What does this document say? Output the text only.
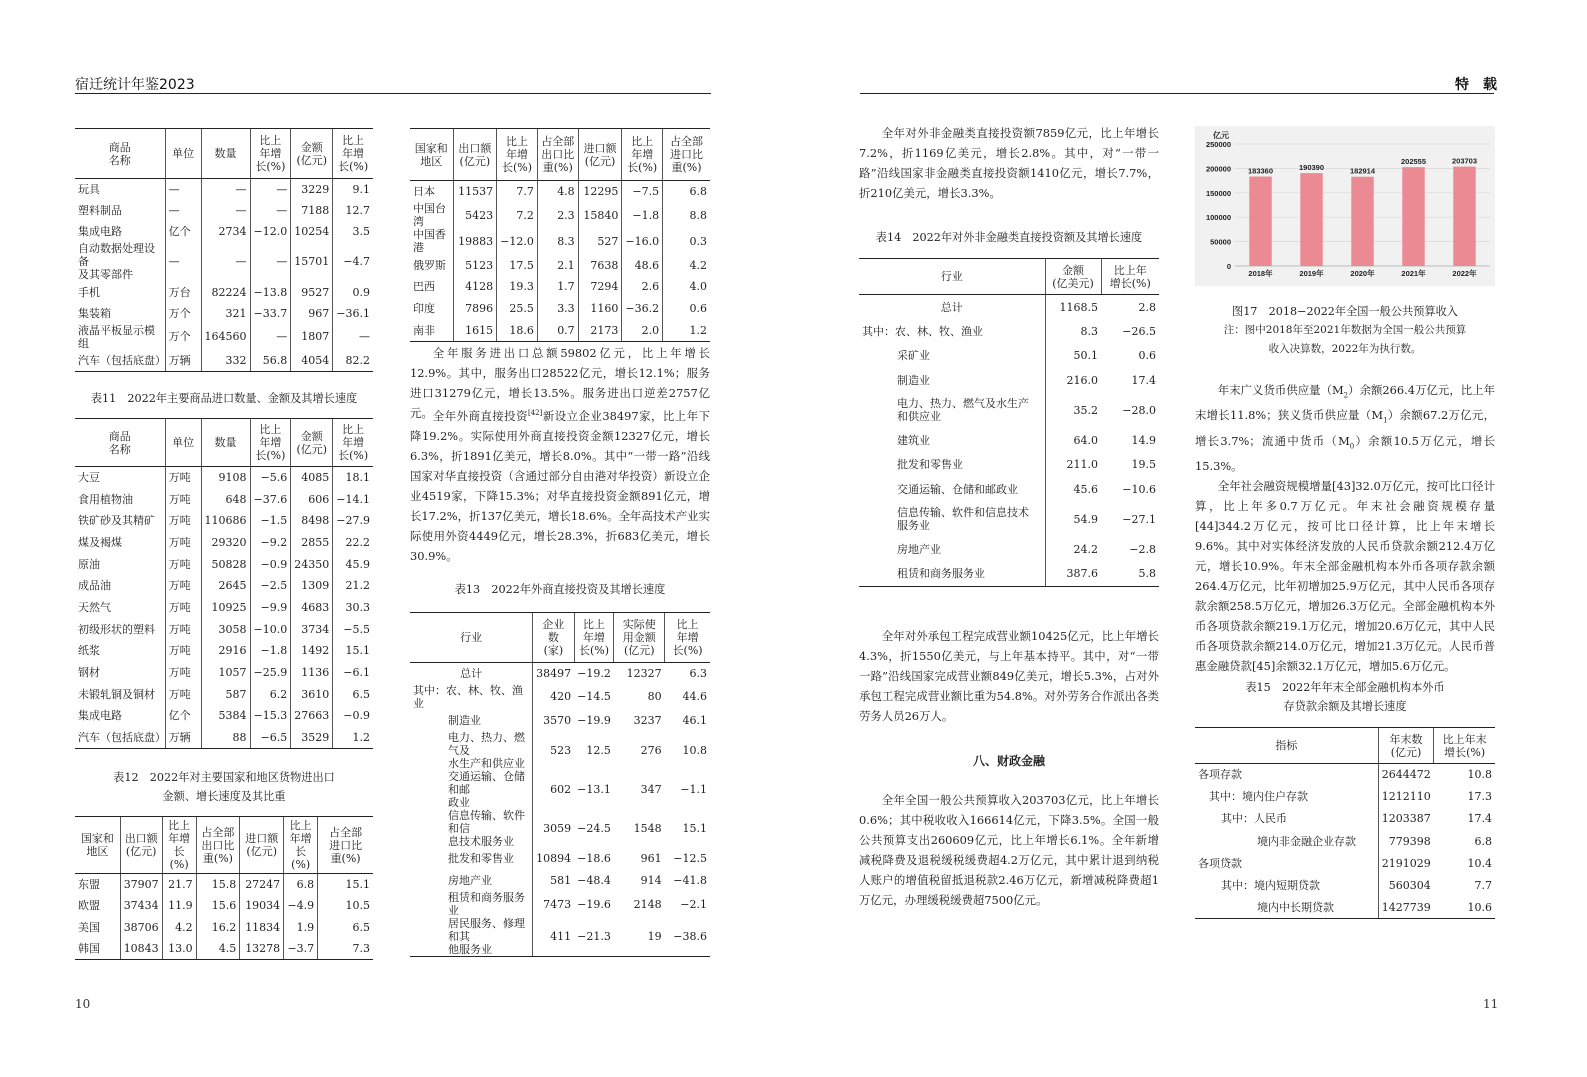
宿迁统计年鉴2023
商品
名称	单位	数量	比上
年增
长(%)	金额
(亿元)	比上
年增
长(%)
玩具	—	—	—	3229	9.1
塑料制品	—	—	—	7188	12.7
集成电路	亿个	2734	−12.0	10254	3.5
自动数据处理设备
及其零部件	—	—	—	15701	−4.7
手机	万台	82224	−13.8	9527	0.9
集装箱	万个	321	−33.7	967	−36.1
液晶平板显示模组	万个	164560	—	1807	—
汽车（包括底盘）	万辆	332	56.8	4054	82.2
表11　2022年主要商品进口数量、金额及其增长速度
商品
名称	单位	数量	比上
年增
长(%)	金额
(亿元)	比上
年增
长(%)
大豆	万吨	9108	−5.6	4085	18.1
食用植物油	万吨	648	−37.6	606	−14.1
铁矿砂及其精矿	万吨	110686	−1.5	8498	−27.9
煤及褐煤	万吨	29320	−9.2	2855	22.2
原油	万吨	50828	−0.9	24350	45.9
成品油	万吨	2645	−2.5	1309	21.2
天然气	万吨	10925	−9.9	4683	30.3
初级形状的塑料	万吨	3058	−10.0	3734	−5.5
纸浆	万吨	2916	−1.8	1492	15.1
钢材	万吨	1057	−25.9	1136	−6.1
未锻轧铜及铜材	万吨	587	6.2	3610	6.5
集成电路	亿个	5384	−15.3	27663	−0.9
汽车（包括底盘）	万辆	88	−6.5	3529	1.2
表12　2022年对主要国家和地区货物进出口
金额、增长速度及其比重
国家和
地区	出口额
(亿元)	比上
年增
长(%)	占全部
出口比
重(%)	进口额
(亿元)	比上
年增
长(%)	占全部
进口比
重(%)
东盟	37907	21.7	15.8	27247	6.8	15.1
欧盟	37434	11.9	15.6	19034	−4.9	10.5
美国	38706	4.2	16.2	11834	1.9	6.5
韩国	10843	13.0	4.5	13278	−3.7	7.3
国家和
地区	出口额
(亿元)	比上
年增
长(%)	占全部
出口比
重(%)	进口额
(亿元)	比上
年增
长(%)	占全部
进口比
重(%)
日本	11537	7.7	4.8	12295	−7.5	6.8
中国台湾	5423	7.2	2.3	15840	−1.8	8.8
中国香港	19883	−12.0	8.3	527	−16.0	0.3
俄罗斯	5123	17.5	2.1	7638	48.6	4.2
巴西	4128	19.3	1.7	7294	2.6	4.0
印度	7896	25.5	3.3	1160	−36.2	0.6
南非	1615	18.6	0.7	2173	2.0	1.2

全年服务进出口总额59802亿元，比上年增长12.9%。其中，服务出口28522亿元，增长12.1%；服务进口31279亿元，增长13.5%。服务进出口逆差2757亿元。 全年外商直接投资[42]新设立企业38497家，比上年下降19.2%。实际使用外商直接投资金额12327亿元，增长6.3%，折1891亿美元，增长8.0%。其中“一带一路”沿线国家对华直接投资（含通过部分自由港对华投资）新设立企业4519家，下降15.3%；对华直接投资金额891亿元，增长17.2%，折137亿美元，增长18.6%。全年高技术产业实际使用外资4449亿元，增长28.3%，折683亿美元，增长30.9%。

表13　2022年外商直接投资及其增长速度
行业	企业
数
(家)	比上
年增
长(%)	实际使
用金额
(亿元)	比上
年增
长(%)
总计	38497	−19.2	12327	6.3
其中：农、林、牧、渔业	420	−14.5	80	44.6
制造业	3570	−19.9	3237	46.1
电力、热力、燃气及
水生产和供应业	523	12.5	276	10.8
交通运输、仓储和邮
政业	602	−13.1	347	−1.1
信息传输、软件和信
息技术服务业	3059	−24.5	1548	15.1
批发和零售业	10894	−18.6	961	−12.5
房地产业	581	−48.4	914	−41.8
租赁和商务服务业	7473	−19.6	2148	−2.1
居民服务、修理和其
他服务业	411	−21.3	19	−38.6
10
特　载

全年对外非金融类直接投资额7859亿元，比上年增长7.2%，折1169亿美元，增长2.8%。其中，对“一带一路”沿线国家非金融类直接投资额1410亿元，增长7.7%，折210亿美元，增长3.3%。

表14　2022年对外非金融类直接投资额及其增长速度
行业	金额
(亿美元)	比上年
增长(%)
总计	1168.5	2.8
其中：农、林、牧、渔业	8.3	−26.5
采矿业	50.1	0.6
制造业	216.0	17.4
电力、热力、燃气及水生产
和供应业	35.2	−28.0
建筑业	64.0	14.9
批发和零售业	211.0	19.5
交通运输、仓储和邮政业	45.6	−10.6
信息传输、软件和信息技术
服务业	54.9	−27.1
房地产业	24.2	−2.8
租赁和商务服务业	387.6	5.8

全年对外承包工程完成营业额10425亿元，比上年增长4.3%，折1550亿美元，与上年基本持平。其中，对“一带一路”沿线国家完成营业额849亿美元，增长5.3%，占对外承包工程完成营业额比重为54.8%。对外劳务合作派出各类劳务人员26万人。

八、财政金融

全年全国一般公共预算收入203703亿元，比上年增长0.6%；其中税收收入166614亿元，下降3.5%。全国一般公共预算支出260609亿元，比上年增长6.1%。全年新增减税降费及退税缓税缓费超4.2万亿元，其中累计退到纳税人账户的增值税留抵退税款2.46万亿元，新增减税降费超1万亿元，办理缓税缓费超7500亿元。

亿元
0
50000
100000
150000
200000
250000
183360
2018年
190390
2019年
182914
2020年
202555
2021年
203703
2022年
图17　2018−2022年全国一般公共预算收入
注：图中2018年至2021年数据为全国一般公共预算
收入决算数，2022年为执行数。

年末广义货币供应量$(M_2)$余额266.4万亿元，比上年末增长11.8%；狭义货币供应量$(M_1)$余额67.2万亿元，增长3.7%；流通中货币$(M_0)$余额10.5万亿元，增长15.3%。

全年社会融资规模增量[43]32.0万亿元，按可比口径计算，比上年多0.7万亿元。年末社会融资规模存量[44]344.2万亿元，按可比口径计算，比上年末增长9.6%。其中对实体经济发放的人民币贷款余额212.4万亿元，增长10.9%。年末全部金融机构本外币各项存款余额264.4万亿元，比年初增加25.9万亿元，其中人民币各项存款余额258.5万亿元，增加26.3万亿元。全部金融机构本外币各项贷款余额219.1万亿元，增加20.6万亿元，其中人民币各项贷款余额214.0万亿元，增加21.3万亿元。人民币普惠金融贷款[45]余额32.1万亿元，增加5.6万亿元。

表15　2022年年末全部金融机构本外币
存贷款余额及其增长速度
指标	年末数
(亿元)	比上年末
增长(%)
各项存款	2644472	10.8
其中：境内住户存款	1212110	17.3
其中：人民币	1203387	17.4
境内非金融企业存款	779398	6.8
各项贷款	2191029	10.4
其中：境内短期贷款	560304	7.7
境内中长期贷款	1427739	10.6
11
